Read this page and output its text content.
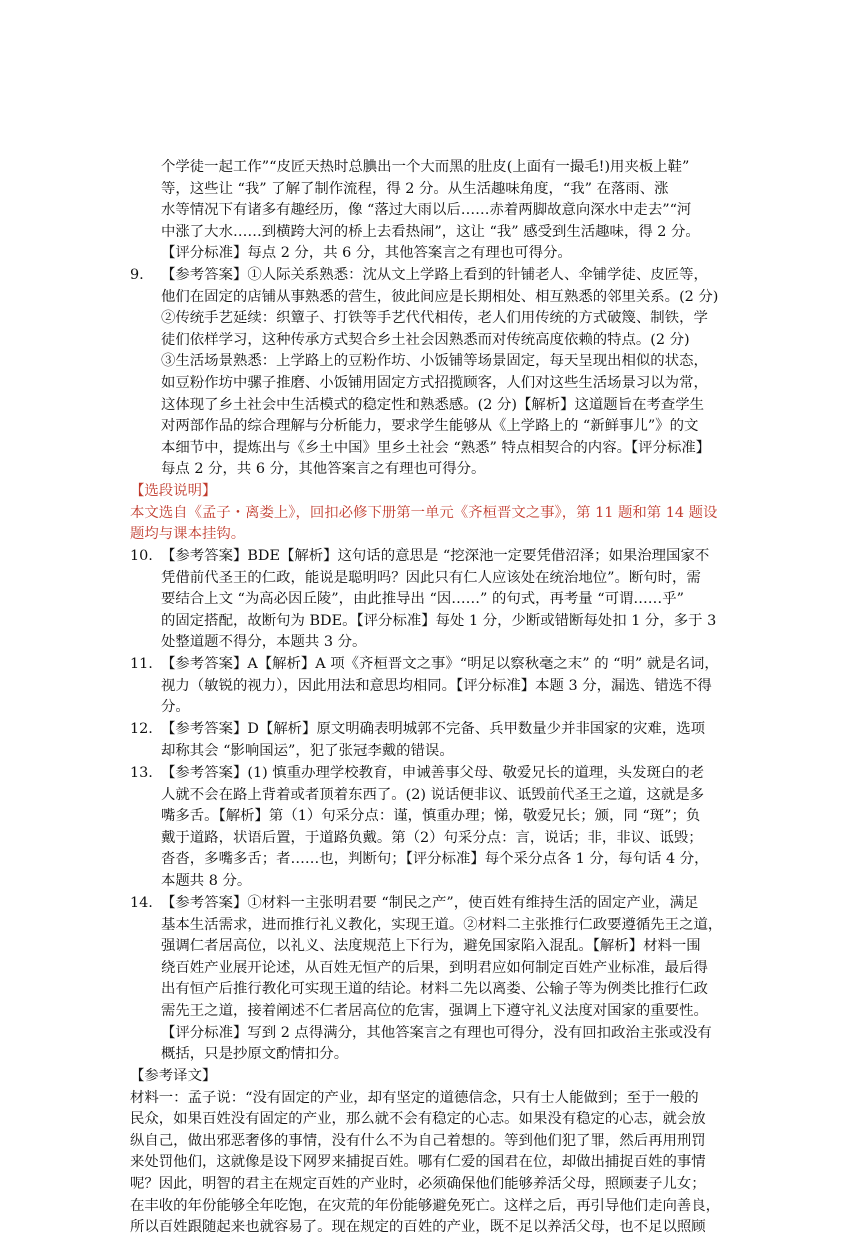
个学徒一起工作”“皮匠天热时总腆出一个大而黑的肚皮(上面有一撮毛!)用夹板上鞋”
等，这些让 “我” 了解了制作流程，得 2 分。从生活趣味角度，“我” 在落雨、涨
水等情况下有诸多有趣经历，像 “落过大雨以后……赤着两脚故意向深水中走去”“河
中涨了大水……到横跨大河的桥上去看热闹”，这让 “我” 感受到生活趣味，得 2 分。
【评分标准】每点 2 分，共 6 分，其他答案言之有理也可得分。
9.	【参考答案】①人际关系熟悉：沈从文上学路上看到的针铺老人、伞铺学徒、皮匠等，
他们在固定的店铺从事熟悉的营生，彼此间应是长期相处、相互熟悉的邻里关系。(2 分)
②传统手艺延续：织簟子、打铁等手艺代代相传，老人们用传统的方式破篾、制铁，学
徒们依样学习，这种传承方式契合乡土社会因熟悉而对传统高度依赖的特点。(2 分)
③生活场景熟悉：上学路上的豆粉作坊、小饭铺等场景固定，每天呈现出相似的状态，
如豆粉作坊中骡子推磨、小饭铺用固定方式招揽顾客，人们对这些生活场景习以为常，
这体现了乡土社会中生活模式的稳定性和熟悉感。(2 分)【解析】这道题旨在考查学生
对两部作品的综合理解与分析能力，要求学生能够从《上学路上的 “新鲜事儿”》的文
本细节中，提炼出与《乡土中国》里乡土社会 “熟悉” 特点相契合的内容。【评分标准】
每点 2 分，共 6 分，其他答案言之有理也可得分。
【选段说明】
本文选自《孟子・离娄上》，回扣必修下册第一单元《齐桓晋文之事》，第 11 题和第 14 题设
题均与课本挂钩。
10. 【参考答案】BDE【解析】这句话的意思是 “挖深池一定要凭借沼泽；如果治理国家不
凭借前代圣王的仁政，能说是聪明吗？因此只有仁人应该处在统治地位”。断句时，需
要结合上文 “为高必因丘陵”，由此推导出 “因……” 的句式，再考量 “可谓……乎”
的固定搭配，故断句为 BDE。【评分标准】每处 1 分，少断或错断每处扣 1 分，多于 3
处整道题不得分，本题共 3 分。
11. 【参考答案】A【解析】A 项《齐桓晋文之事》“明足以察秋毫之末” 的 “明” 就是名词，
视力（敏锐的视力），因此用法和意思均相同。【评分标准】本题 3 分，漏选、错选不得
分。
12. 【参考答案】D【解析】原文明确表明城郭不完备、兵甲数量少并非国家的灾难，选项
却称其会 “影响国运”，犯了张冠李戴的错误。
13. 【参考答案】(1) 慎重办理学校教育，申诫善事父母、敬爱兄长的道理，头发斑白的老
人就不会在路上背着或者顶着东西了。(2) 说话便非议、诋毁前代圣王之道，这就是多
嘴多舌。【解析】第（1）句采分点：谨，慎重办理；悌，敬爱兄长；颁，同 “斑”；负
戴于道路，状语后置，于道路负戴。第（2）句采分点：言，说话；非，非议、诋毁；
沓沓，多嘴多舌；者……也，判断句；【评分标准】每个采分点各 1 分，每句话 4 分，
本题共 8 分。
14. 【参考答案】①材料一主张明君要 “制民之产”，使百姓有维持生活的固定产业，满足
基本生活需求，进而推行礼义教化，实现王道。②材料二主张推行仁政要遵循先王之道，
强调仁者居高位，以礼义、法度规范上下行为，避免国家陷入混乱。【解析】材料一围
绕百姓产业展开论述，从百姓无恒产的后果，到明君应如何制定百姓产业标准，最后得
出有恒产后推行教化可实现王道的结论。材料二先以离娄、公输子等为例类比推行仁政
需先王之道，接着阐述不仁者居高位的危害，强调上下遵守礼义法度对国家的重要性。
【评分标准】写到 2 点得满分，其他答案言之有理也可得分，没有回扣政治主张或没有
概括，只是抄原文酌情扣分。
【参考译文】
材料一：孟子说：“没有固定的产业，却有坚定的道德信念，只有士人能做到；至于一般的
民众，如果百姓没有固定的产业，那么就不会有稳定的心志。如果没有稳定的心志，就会放
纵自己，做出邪恶奢侈的事情，没有什么不为自己着想的。等到他们犯了罪，然后再用刑罚
来处罚他们，这就像是设下网罗来捕捉百姓。哪有仁爱的国君在位，却做出捕捉百姓的事情
呢？因此，明智的君主在规定百姓的产业时，必须确保他们能够养活父母，照顾妻子儿女；
在丰收的年份能够全年吃饱，在灾荒的年份能够避免死亡。这样之后，再引导他们走向善良，
所以百姓跟随起来也就容易了。现在规定的百姓的产业，既不足以养活父母，也不足以照顾
